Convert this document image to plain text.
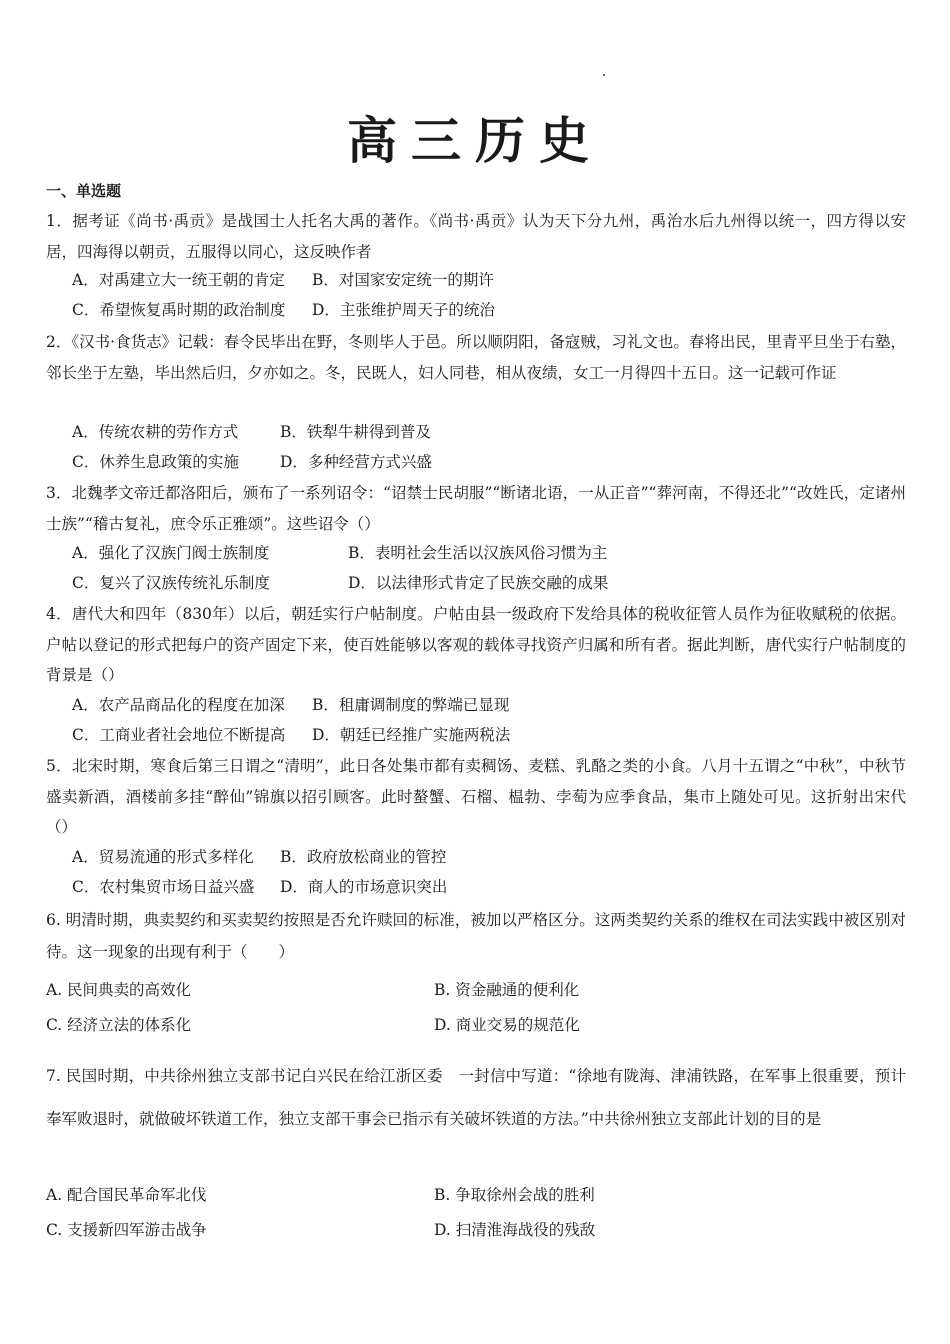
高三历史
一、单选题

1．据考证《尚书·禹贡》是战国士人托名大禹的著作。《尚书·禹贡》认为天下分九州，禹治水后九州得以统一，四方得以安居，四海得以朝贡，五服得以同心，这反映作者

A．对禹建立大一统王朝的肯定 B．对国家安定统一的期许
C．希望恢复禹时期的政治制度 D．主张维护周天子的统治

2．《汉书·食货志》记载：春令民毕出在野，冬则毕人于邑。所以顺阴阳，备寇贼，习礼文也。春将出民，里青平旦坐于右塾，邻长坐于左塾，毕出然后归，夕亦如之。冬，民既人，妇人同巷，相从夜绩，女工一月得四十五日。这一记载可作证

A．传统农耕的劳作方式	B．铁犁牛耕得到普及
C．休养生息政策的实施	D．多种经营方式兴盛

3．北魏孝文帝迁都洛阳后，颁布了一系列诏令：“诏禁士民胡服”“断诸北语，一从正音”“葬河南，不得还北”“改姓氏，定诸州士族”“稽古复礼，庶令乐正雅颂”。这些诏令（）

A．强化了汉族门阀士族制度	B．表明社会生活以汉族风俗习惯为主
C．复兴了汉族传统礼乐制度	D．以法律形式肯定了民族交融的成果

4．唐代大和四年（830年）以后，朝廷实行户帖制度。户帖由县一级政府下发给具体的税收征管人员作为征收赋税的依据。户帖以登记的形式把每户的资产固定下来，使百姓能够以客观的载体寻找资产归属和所有者。据此判断，唐代实行户帖制度的背景是（）

A．农产品商品化的程度在加深 B．租庸调制度的弊端已显现
C．工商业者社会地位不断提高 D．朝廷已经推广实施两税法

5．北宋时期，寒食后第三日谓之“清明”，此日各处集市都有卖稠饧、麦糕、乳酪之类的小食。八月十五谓之“中秋”，中秋节盛卖新酒，酒楼前多挂“醉仙”锦旗以招引顾客。此时螯蟹、石榴、榅勃、孛萄为应季食品，集市上随处可见。这折射出宋代（）

A．贸易流通的形式多样化 B．政府放松商业的管控
C．农村集贸市场日益兴盛 D．商人的市场意识突出

6. 明清时期，典卖契约和买卖契约按照是否允许赎回的标准，被加以严格区分。这两类契约关系的维权在司法实践中被区别对待。这一现象的出现有利于（　　）

A. 民间典卖的高效化	B. 资金融通的便利化
C. 经济立法的体系化	D. 商业交易的规范化

7. 民国时期，中共徐州独立支部书记白兴民在给江浙区委　一封信中写道：“徐地有陇海、津浦铁路，在军事上很重要，预计奉军败退时，就做破坏铁道工作，独立支部干事会已指示有关破坏铁道的方法。”中共徐州独立支部此计划的目的是

A. 配合国民革命军北伐	B. 争取徐州会战的胜利
C. 支援新四军游击战争	D. 扫清淮海战役的残敌
